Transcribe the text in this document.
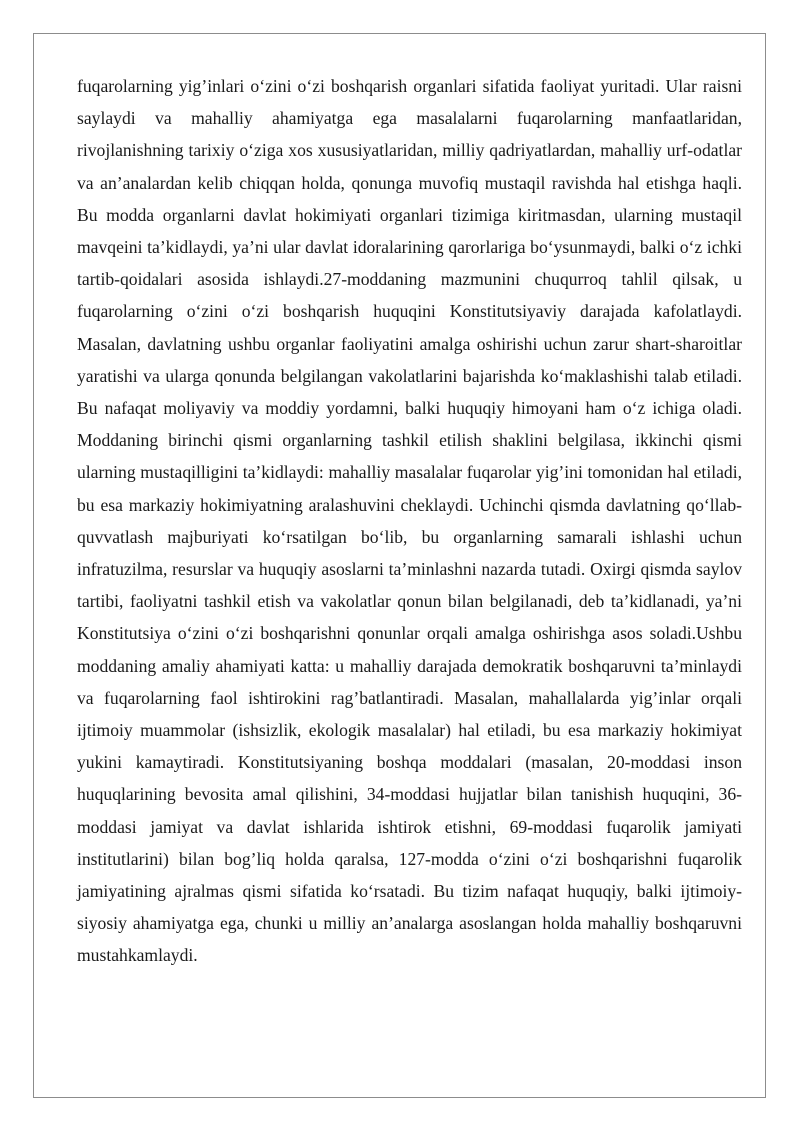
fuqarolarning yig’inlari o‘zini o‘zi boshqarish organlari sifatida faoliyat yuritadi. Ular raisni saylaydi va mahalliy ahamiyatga ega masalalarni fuqarolarning manfaatlaridan, rivojlanishning tarixiy o‘ziga xos xususiyatlaridan, milliy qadriyatlardan, mahalliy urf-odatlar va an’analardan kelib chiqqan holda, qonunga muvofiq mustaqil ravishda hal etishga haqli. Bu modda organlarni davlat hokimiyati organlari tizimiga kiritmasdan, ularning mustaqil mavqeini ta’kidlaydi, ya’ni ular davlat idoralarining qarorlariga bo‘ysunmaydi, balki o‘z ichki tartib-qoidalari asosida ishlaydi.27-moddaning mazmunini chuqurroq tahlil qilsak, u fuqarolarning o‘zini o‘zi boshqarish huquqini Konstitutsiyaviy darajada kafolatlaydi. Masalan, davlatning ushbu organlar faoliyatini amalga oshirishi uchun zarur shart-sharoitlar yaratishi va ularga qonunda belgilangan vakolatlarini bajarishda ko‘maklashishi talab etiladi. Bu nafaqat moliyaviy va moddiy yordamni, balki huquqiy himoyani ham o‘z ichiga oladi. Moddaning birinchi qismi organlarning tashkil etilish shaklini belgilasa, ikkinchi qismi ularning mustaqilligini ta’kidlaydi: mahalliy masalalar fuqarolar yig’ini tomonidan hal etiladi, bu esa markaziy hokimiyatning aralashuvini cheklaydi. Uchinchi qismda davlatning qo‘llab-quvvatlash majburiyati ko‘rsatilgan bo‘lib, bu organlarning samarali ishlashi uchun infratuzilma, resurslar va huquqiy asoslarni ta’minlashni nazarda tutadi. Oxirgi qismda saylov tartibi, faoliyatni tashkil etish va vakolatlar qonun bilan belgilanadi, deb ta’kidlanadi, ya’ni Konstitutsiya o‘zini o‘zi boshqarishni qonunlar orqali amalga oshirishga asos soladi.Ushbu moddaning amaliy ahamiyati katta: u mahalliy darajada demokratik boshqaruvni ta’minlaydi va fuqarolarning faol ishtirokini rag’batlantiradi. Masalan, mahallalarda yig’inlar orqali ijtimoiy muammolar (ishsizlik, ekologik masalalar) hal etiladi, bu esa markaziy hokimiyat yukini kamaytiradi. Konstitutsiyaning boshqa moddalari (masalan, 20-moddasi inson huquqlarining bevosita amal qilishini, 34-moddasi hujjatlar bilan tanishish huquqini, 36-moddasi jamiyat va davlat ishlarida ishtirok etishni, 69-moddasi fuqarolik jamiyati institutlarini) bilan bog’liq holda qaralsa, 127-modda o‘zini o‘zi boshqarishni fuqarolik jamiyatining ajralmas qismi sifatida ko‘rsatadi. Bu tizim nafaqat huquqiy, balki ijtimoiy-siyosiy ahamiyatga ega, chunki u milliy an’analarga asoslangan holda mahalliy boshqaruvni mustahkamlaydi.
